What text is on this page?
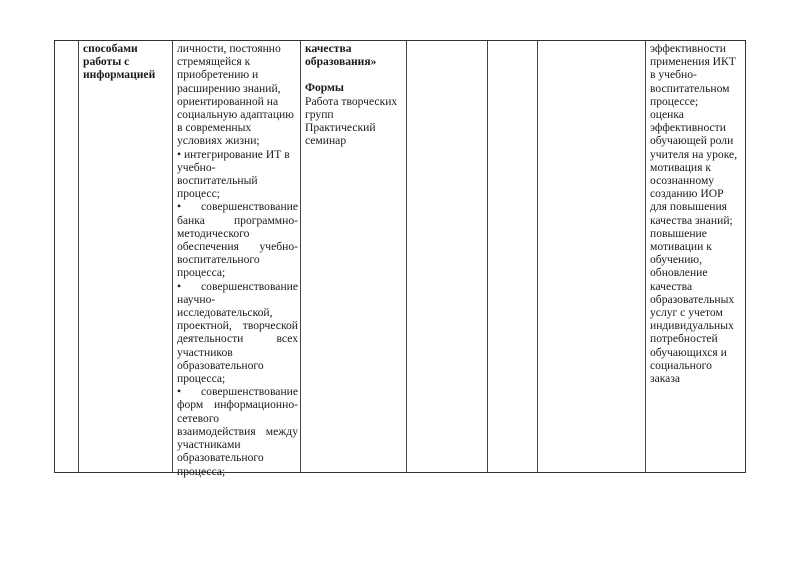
способами
работы с
информацией
личности, постоянно
стремящейся к
приобретению и
расширению знаний,
ориентированной на
социальную адаптацию
в современных
условиях жизни;
• интегрирование ИТ в
учебно-
воспитательный
процесс;
• совершенствование
банка	программно-
методического
обеспечения учебно-
воспитательного
процесса;
• совершенствование
научно-
исследовательской,
проектной, творческой
деятельности	всех
участников
образовательного
процесса;
• совершенствование
форм информационно-
сетевого
взаимодействия между
участниками
образовательного
процесса;
качества
образования»
Формы
Работа творческих
групп
Практический
семинар
эффективности
применения ИКТ
в учебно-
воспитательном
процессе;
оценка
эффективности
обучающей роли
учителя на уроке,
мотивация к
осознанному
созданию ИОР
для повышения
качества знаний;
повышение
мотивации к
обучению,
обновление
качества
образовательных
услуг с учетом
индивидуальных
потребностей
обучающихся и
социального
заказа
